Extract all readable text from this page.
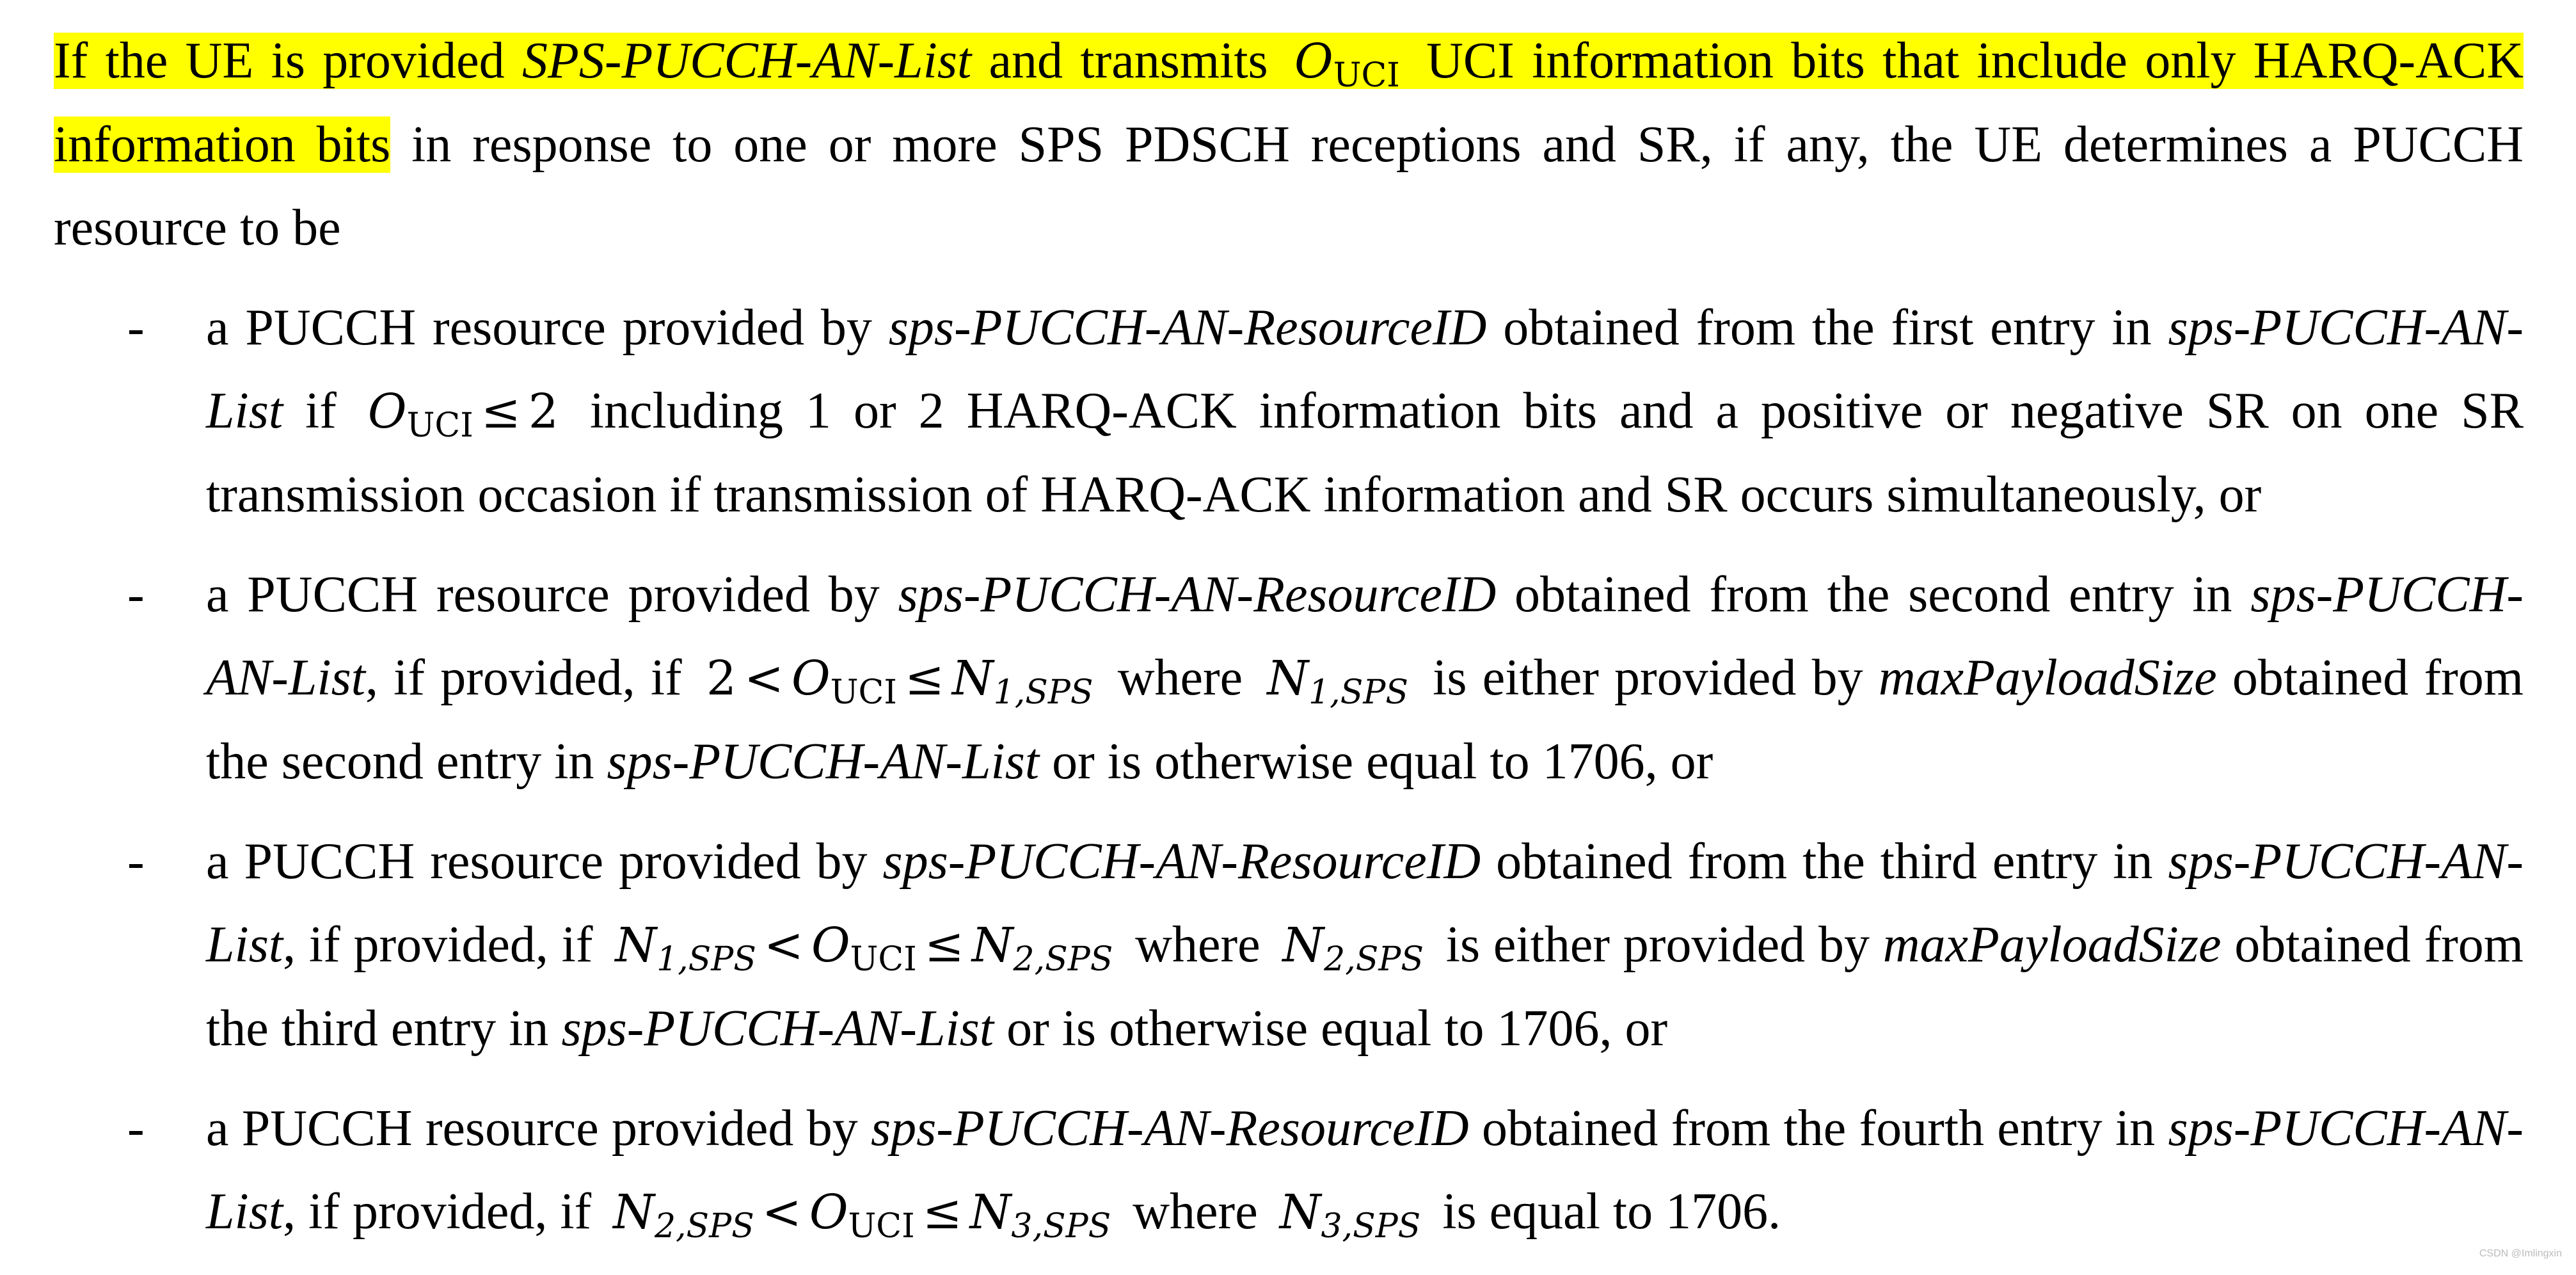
If the UE is provided SPS-PUCCH-AN-List and transmits $O_{UCI}$ UCI information bits that include only HARQ-ACK information bits in response to one or more SPS PDSCH receptions and SR, if any, the UE determines a PUCCH resource to be

- a PUCCH resource provided by sps-PUCCH-AN-ResourceID obtained from the first entry in sps-PUCCH-AN-List if $O_{UCI} \le 2$ including 1 or 2 HARQ-ACK information bits and a positive or negative SR on one SR transmission occasion if transmission of HARQ-ACK information and SR occurs simultaneously, or
- a PUCCH resource provided by sps-PUCCH-AN-ResourceID obtained from the second entry in sps-PUCCH-AN-List, if provided, if $2 < O_{UCI} \le N_{1,SPS}$ where $N_{1,SPS}$ is either provided by maxPayloadSize obtained from the second entry in sps-PUCCH-AN-List or is otherwise equal to 1706, or
- a PUCCH resource provided by sps-PUCCH-AN-ResourceID obtained from the third entry in sps-PUCCH-AN-List, if provided, if $N_{1,SPS} < O_{UCI} \le N_{2,SPS}$ where $N_{2,SPS}$ is either provided by maxPayloadSize obtained from the third entry in sps-PUCCH-AN-List or is otherwise equal to 1706, or
- a PUCCH resource provided by sps-PUCCH-AN-ResourceID obtained from the fourth entry in sps-PUCCH-AN-List, if provided, if $N_{2,SPS} < O_{UCI} \le N_{3,SPS}$ where $N_{3,SPS}$ is equal to 1706.
CSDN @Imlingxin
